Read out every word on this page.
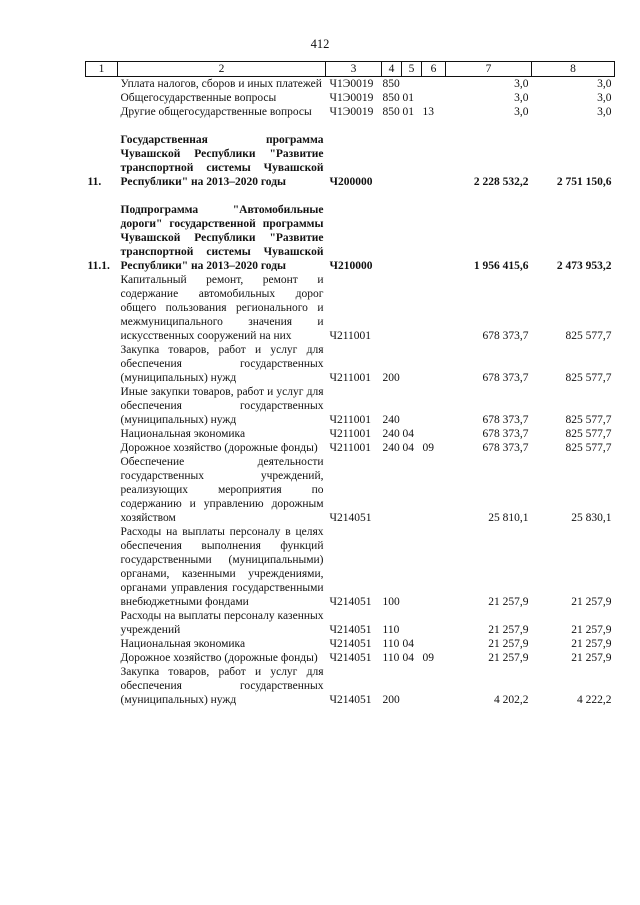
412
1	2	3	4	5	6	7	8
	Уплата налогов, сборов и иных платежей	Ч1Э0019	850			3,0	3,0
	Общегосударственные вопросы	Ч1Э0019	850	01		3,0	3,0
	Другие общегосударственные вопросы	Ч1Э0019	850	01	13	3,0	3,0

11.	Государственная программа Чувашской Республики "Развитие транспортной системы Чувашской Республики" на 2013–2020 годы	Ч200000				2 228 532,2	2 751 150,6

11.1.	Подпрограмма "Автомобильные дороги" государственной программы Чувашской Республики "Развитие транспортной системы Чувашской Республики" на 2013–2020 годы	Ч210000				1 956 415,6	2 473 953,2
	Капитальный ремонт, ремонт и содержание автомобильных дорог общего пользования регионального и межмуниципального значения и искусственных сооружений на них	Ч211001				678 373,7	825 577,7
	Закупка товаров, работ и услуг для обеспечения государственных (муниципальных) нужд	Ч211001	200			678 373,7	825 577,7
	Иные закупки товаров, работ и услуг для обеспечения государственных (муниципальных) нужд	Ч211001	240			678 373,7	825 577,7
	Национальная экономика	Ч211001	240	04		678 373,7	825 577,7
	Дорожное хозяйство (дорожные фонды)	Ч211001	240	04	09	678 373,7	825 577,7
	Обеспечение деятельности государственных учреждений, реализующих мероприятия по содержанию и управлению дорожным хозяйством	Ч214051				25 810,1	25 830,1
	Расходы на выплаты персоналу в целях обеспечения выполнения функций государственными (муниципальными) органами, казенными учреждениями, органами управления государственными внебюджетными фондами	Ч214051	100			21 257,9	21 257,9
	Расходы на выплаты персоналу казенных учреждений	Ч214051	110			21 257,9	21 257,9
	Национальная экономика	Ч214051	110	04		21 257,9	21 257,9
	Дорожное хозяйство (дорожные фонды)	Ч214051	110	04	09	21 257,9	21 257,9
	Закупка товаров, работ и услуг для обеспечения государственных (муниципальных) нужд	Ч214051	200			4 202,2	4 222,2
